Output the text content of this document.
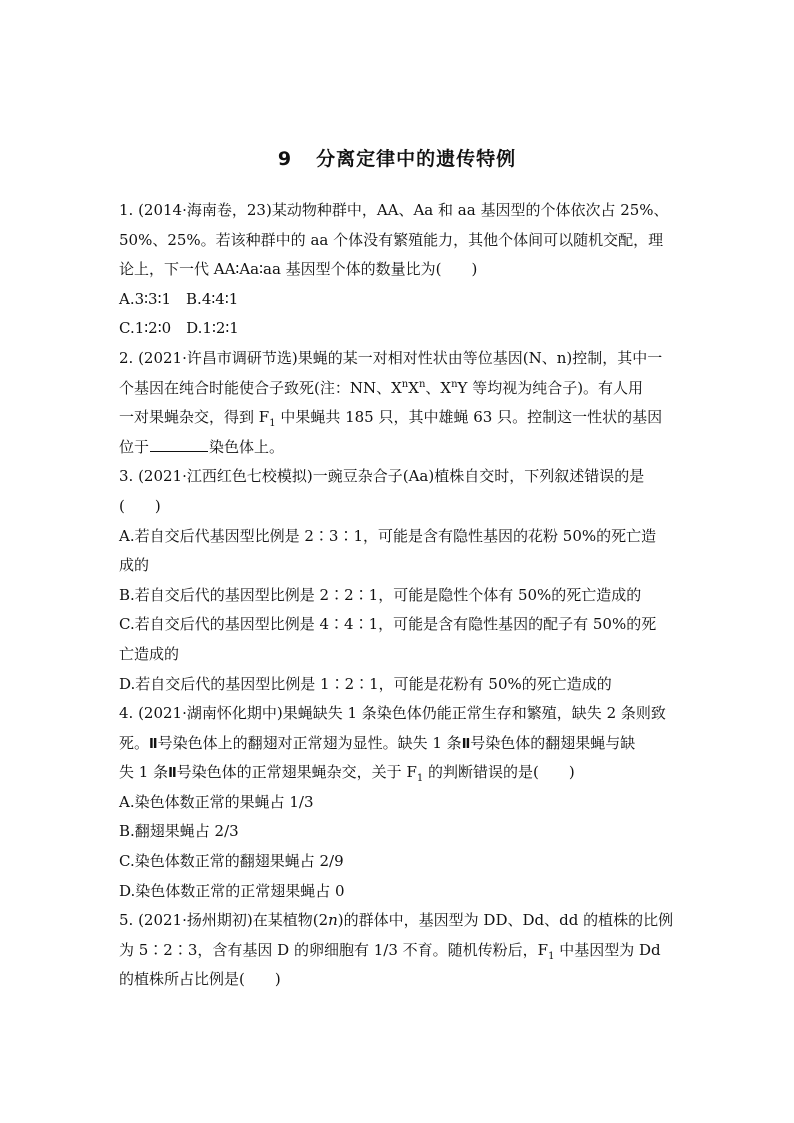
9 分离定律中的遗传特例
1. (2014·海南卷，23)某动物种群中，AA、Aa 和 aa 基因型的个体依次占 25%、
50%、25%。若该种群中的 aa 个体没有繁殖能力，其他个体间可以随机交配，理
论上，下一代 AA∶Aa∶aa 基因型个体的数量比为(　　)
A.3∶3∶1　B.4∶4∶1
C.1∶2∶0　D.1∶2∶1
2. (2021·许昌市调研节选)果蝇的某一对相对性状由等位基因(N、n)控制，其中一
个基因在纯合时能使合子致死(注：NN、$X^nX^n$、$X^nY$ 等均视为纯合子)。有人用
一对果蝇杂交，得到 $F_1$ 中果蝇共 185 只，其中雄蝇 63 只。控制这一性状的基因
位于	染色体上。
3. (2021·江西红色七校模拟)一豌豆杂合子(Aa)植株自交时，下列叙述错误的是
(　　)
A.若自交后代基因型比例是 2∶3∶1，可能是含有隐性基因的花粉 50%的死亡造
成的
B.若自交后代的基因型比例是 2∶2∶1，可能是隐性个体有 50%的死亡造成的
C.若自交后代的基因型比例是 4∶4∶1，可能是含有隐性基因的配子有 50%的死
亡造成的
D.若自交后代的基因型比例是 1∶2∶1，可能是花粉有 50%的死亡造成的
4. (2021·湖南怀化期中)果蝇缺失 1 条染色体仍能正常生存和繁殖，缺失 2 条则致
死。Ⅱ号染色体上的翻翅对正常翅为显性。缺失 1 条Ⅱ号染色体的翻翅果蝇与缺
失 1 条Ⅱ号染色体的正常翅果蝇杂交，关于 $F_1$ 的判断错误的是(　　)
A.染色体数正常的果蝇占 1/3
B.翻翅果蝇占 2/3
C.染色体数正常的翻翅果蝇占 2/9
D.染色体数正常的正常翅果蝇占 0
5. (2021·扬州期初)在某植物(2n)的群体中，基因型为 DD、Dd、dd 的植株的比例
为 5∶2∶3，含有基因 D 的卵细胞有 1/3 不育。随机传粉后，$F_1$ 中基因型为 Dd
的植株所占比例是(　　)
